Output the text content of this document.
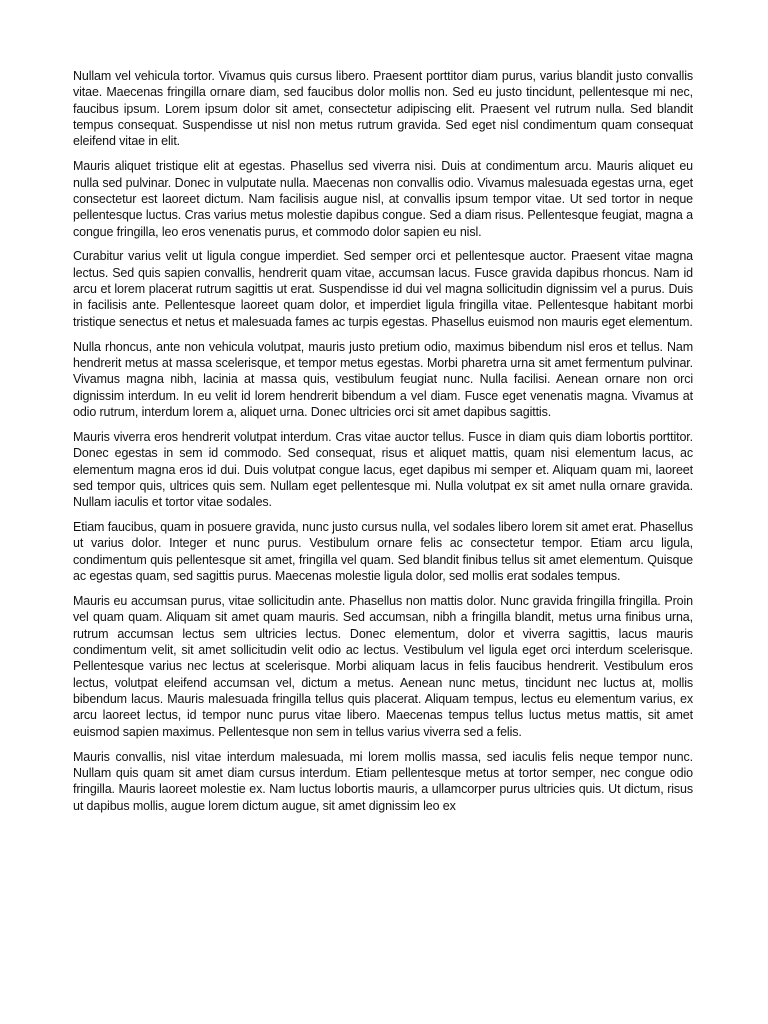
Nullam vel vehicula tortor. Vivamus quis cursus libero. Praesent porttitor diam purus, varius blandit justo convallis vitae. Maecenas fringilla ornare diam, sed faucibus dolor mollis non. Sed eu justo tincidunt, pellentesque mi nec, faucibus ipsum. Lorem ipsum dolor sit amet, consectetur adipiscing elit. Praesent vel rutrum nulla. Sed blandit tempus consequat. Suspendisse ut nisl non metus rutrum gravida. Sed eget nisl condimentum quam consequat eleifend vitae in elit.

Mauris aliquet tristique elit at egestas. Phasellus sed viverra nisi. Duis at condimentum arcu. Mauris aliquet eu nulla sed pulvinar. Donec in vulputate nulla. Maecenas non convallis odio. Vivamus malesuada egestas urna, eget consectetur est laoreet dictum. Nam facilisis augue nisl, at convallis ipsum tempor vitae. Ut sed tortor in neque pellentesque luctus. Cras varius metus molestie dapibus congue. Sed a diam risus. Pellentesque feugiat, magna a congue fringilla, leo eros venenatis purus, et commodo dolor sapien eu nisl.

Curabitur varius velit ut ligula congue imperdiet. Sed semper orci et pellentesque auctor. Praesent vitae magna lectus. Sed quis sapien convallis, hendrerit quam vitae, accumsan lacus. Fusce gravida dapibus rhoncus. Nam id arcu et lorem placerat rutrum sagittis ut erat. Suspendisse id dui vel magna sollicitudin dignissim vel a purus. Duis in facilisis ante. Pellentesque laoreet quam dolor, et imperdiet ligula fringilla vitae. Pellentesque habitant morbi tristique senectus et netus et malesuada fames ac turpis egestas. Phasellus euismod non mauris eget elementum.

Nulla rhoncus, ante non vehicula volutpat, mauris justo pretium odio, maximus bibendum nisl eros et tellus. Nam hendrerit metus at massa scelerisque, et tempor metus egestas. Morbi pharetra urna sit amet fermentum pulvinar. Vivamus magna nibh, lacinia at massa quis, vestibulum feugiat nunc. Nulla facilisi. Aenean ornare non orci dignissim interdum. In eu velit id lorem hendrerit bibendum a vel diam. Fusce eget venenatis magna. Vivamus at odio rutrum, interdum lorem a, aliquet urna. Donec ultricies orci sit amet dapibus sagittis.

Mauris viverra eros hendrerit volutpat interdum. Cras vitae auctor tellus. Fusce in diam quis diam lobortis porttitor. Donec egestas in sem id commodo. Sed consequat, risus et aliquet mattis, quam nisi elementum lacus, ac elementum magna eros id dui. Duis volutpat congue lacus, eget dapibus mi semper et. Aliquam quam mi, laoreet sed tempor quis, ultrices quis sem. Nullam eget pellentesque mi. Nulla volutpat ex sit amet nulla ornare gravida. Nullam iaculis et tortor vitae sodales.

Etiam faucibus, quam in posuere gravida, nunc justo cursus nulla, vel sodales libero lorem sit amet erat. Phasellus ut varius dolor. Integer et nunc purus. Vestibulum ornare felis ac consectetur tempor. Etiam arcu ligula, condimentum quis pellentesque sit amet, fringilla vel quam. Sed blandit finibus tellus sit amet elementum. Quisque ac egestas quam, sed sagittis purus. Maecenas molestie ligula dolor, sed mollis erat sodales tempus.

Mauris eu accumsan purus, vitae sollicitudin ante. Phasellus non mattis dolor. Nunc gravida fringilla fringilla. Proin vel quam quam. Aliquam sit amet quam mauris. Sed accumsan, nibh a fringilla blandit, metus urna finibus urna, rutrum accumsan lectus sem ultricies lectus. Donec elementum, dolor et viverra sagittis, lacus mauris condimentum velit, sit amet sollicitudin velit odio ac lectus. Vestibulum vel ligula eget orci interdum scelerisque. Pellentesque varius nec lectus at scelerisque. Morbi aliquam lacus in felis faucibus hendrerit. Vestibulum eros lectus, volutpat eleifend accumsan vel, dictum a metus. Aenean nunc metus, tincidunt nec luctus at, mollis bibendum lacus. Mauris malesuada fringilla tellus quis placerat. Aliquam tempus, lectus eu elementum varius, ex arcu laoreet lectus, id tempor nunc purus vitae libero. Maecenas tempus tellus luctus metus mattis, sit amet euismod sapien maximus. Pellentesque non sem in tellus varius viverra sed a felis.

Mauris convallis, nisl vitae interdum malesuada, mi lorem mollis massa, sed iaculis felis neque tempor nunc. Nullam quis quam sit amet diam cursus interdum. Etiam pellentesque metus at tortor semper, nec congue odio fringilla. Mauris laoreet molestie ex. Nam luctus lobortis mauris, a ullamcorper purus ultricies quis. Ut dictum, risus ut dapibus mollis, augue lorem dictum augue, sit amet dignissim leo ex
